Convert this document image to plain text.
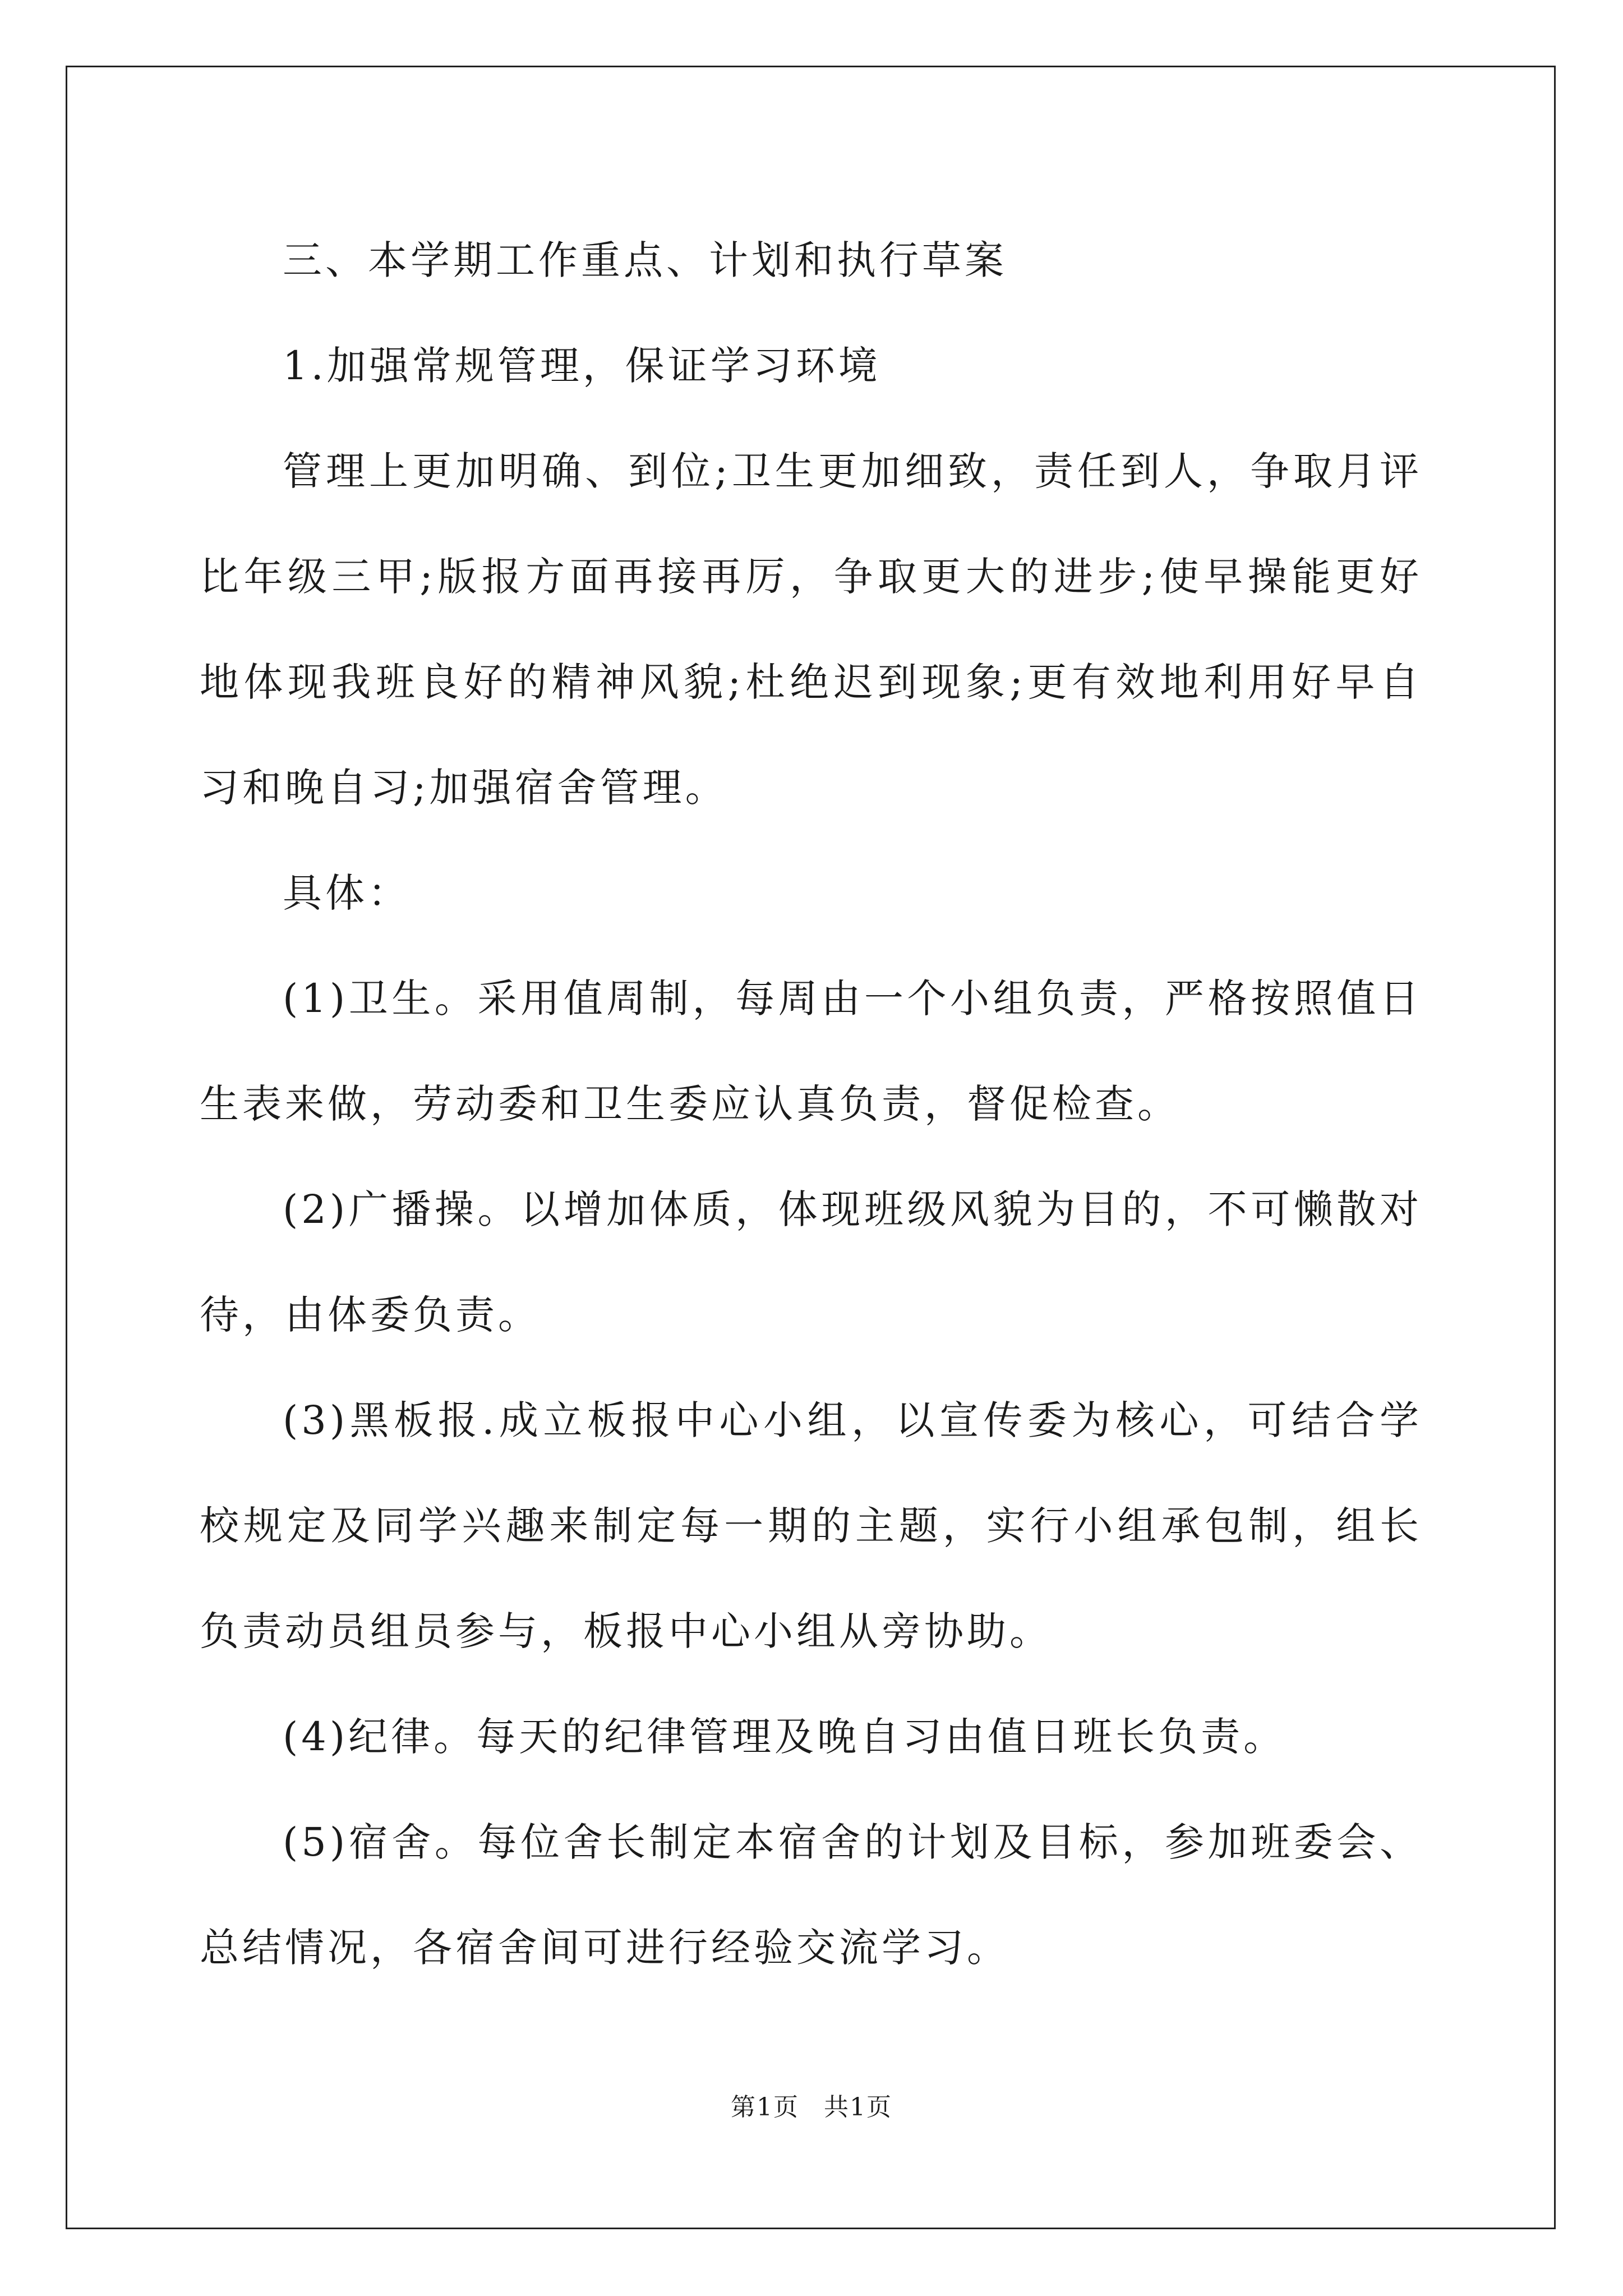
三、本学期工作重点、计划和执行草案

1.加强常规管理，保证学习环境

管理上更加明确、到位;卫生更加细致，责任到人，争取月评比年级三甲;版报方面再接再厉，争取更大的进步;使早操能更好地体现我班良好的精神风貌;杜绝迟到现象;更有效地利用好早自习和晚自习;加强宿舍管理。

具体：

(1)卫生。采用值周制，每周由一个小组负责，严格按照值日生表来做，劳动委和卫生委应认真负责，督促检查。

(2)广播操。以增加体质，体现班级风貌为目的，不可懒散对待，由体委负责。

(3)黑板报.成立板报中心小组，以宣传委为核心，可结合学校规定及同学兴趣来制定每一期的主题，实行小组承包制，组长负责动员组员参与，板报中心小组从旁协助。

(4)纪律。每天的纪律管理及晚自习由值日班长负责。

(5)宿舍。每位舍长制定本宿舍的计划及目标，参加班委会、总结情况，各宿舍间可进行经验交流学习。

第1页 共1页
